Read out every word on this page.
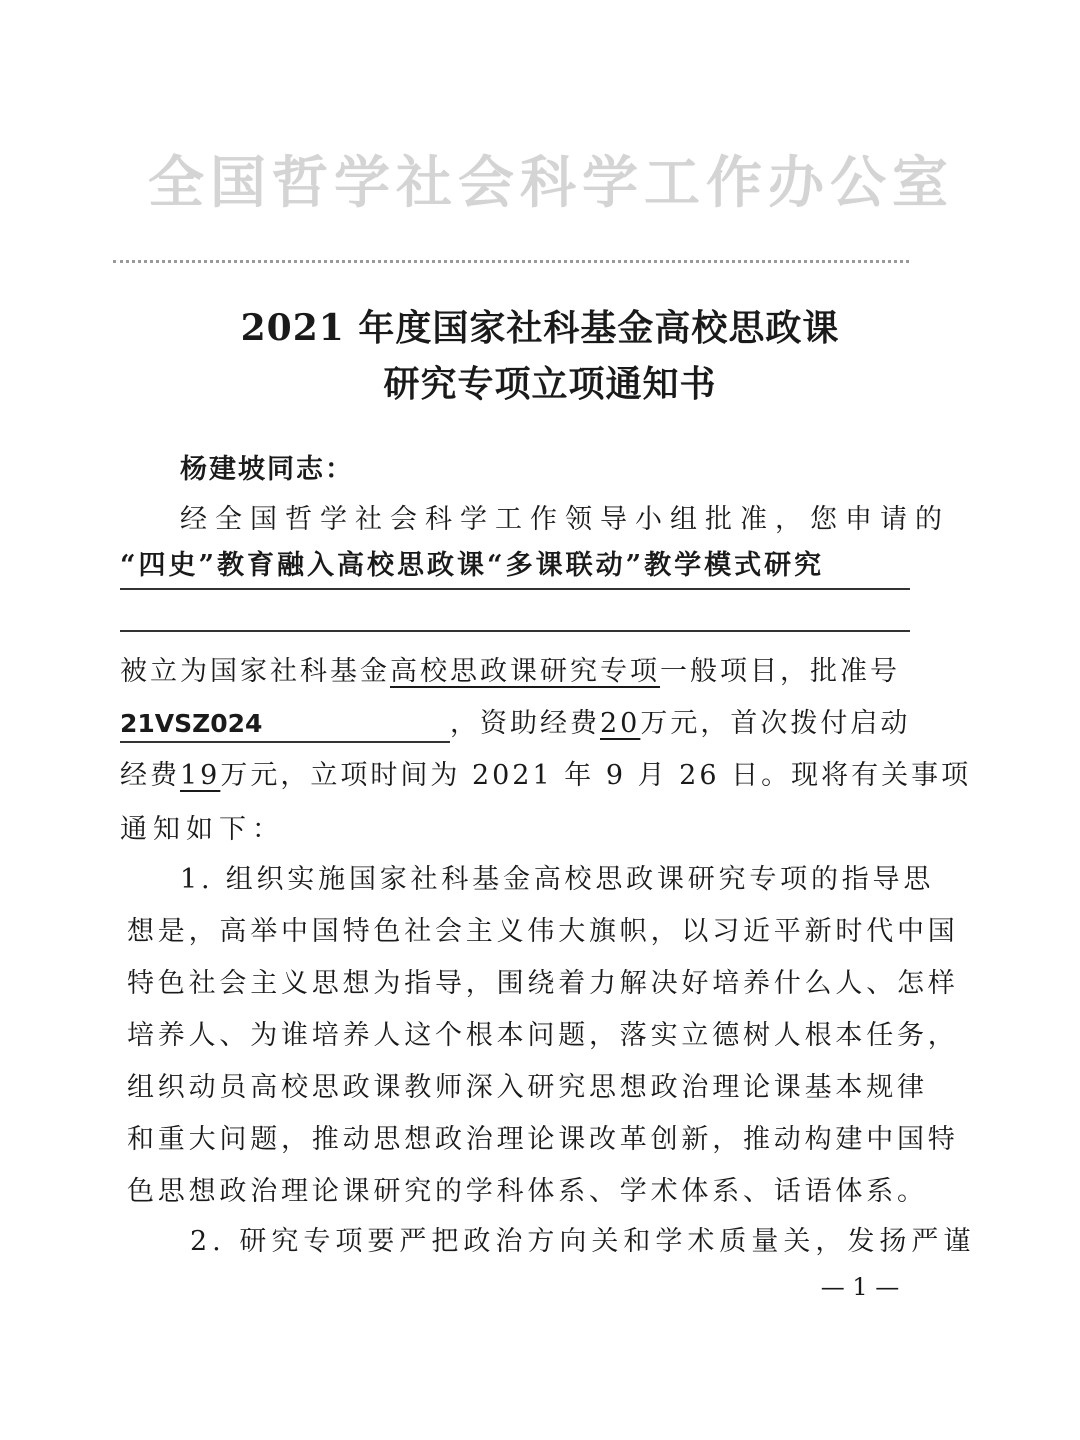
全国哲学社会科学工作办公室
2021 年度国家社科基金高校思政课
研究专项立项通知书
杨建坡同志：
经全国哲学社会科学工作领导小组批准，您申请的
“四史”教育融入高校思政课“多课联动”教学模式研究
被立为国家社科基金高校思政课研究专项一般项目，批准号
21VSZ024	，资助经费20万元，首次拨付启动
经费19万元，立项时间为 2021 年 9 月 26 日。现将有关事项
通知如下：
1. 组织实施国家社科基金高校思政课研究专项的指导思
想是，高举中国特色社会主义伟大旗帜，以习近平新时代中国
特色社会主义思想为指导，围绕着力解决好培养什么人、怎样
培养人、为谁培养人这个根本问题，落实立德树人根本任务，
组织动员高校思政课教师深入研究思想政治理论课基本规律
和重大问题，推动思想政治理论课改革创新，推动构建中国特
色思想政治理论课研究的学科体系、学术体系、话语体系。
2. 研究专项要严把政治方向关和学术质量关，发扬严谨
— 1 —
